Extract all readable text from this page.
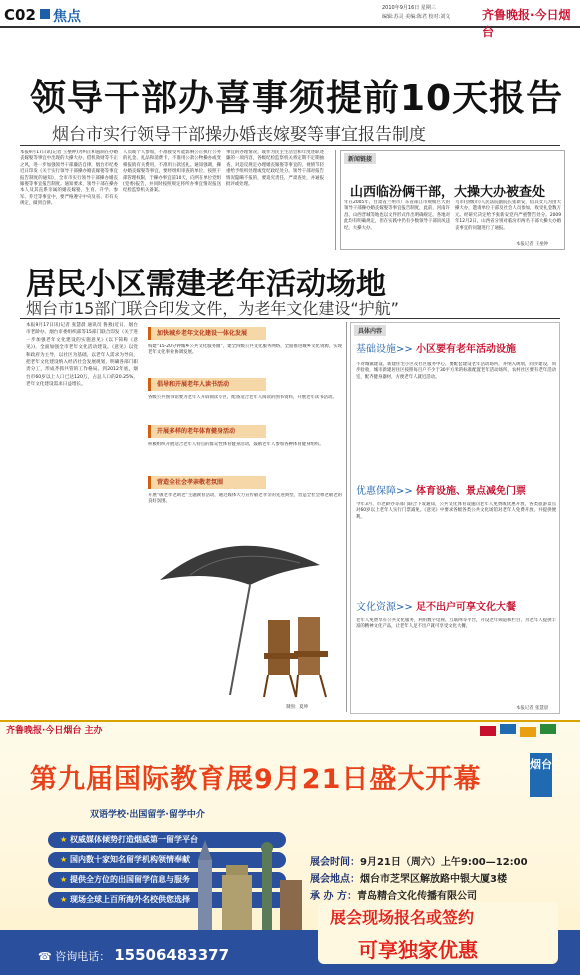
C02 焦点
2010年9月16日 星期三
编辑:苏灵 美编:陈君 校对:刘文	齐鲁晚报·今日烟台
领导干部办喜事须提前10天报告
烟台市实行领导干部操办婚丧嫁娶等事宜报告制度
本报9月17日讯(记者 王垒钟)为纠正和遏制在办婚丧嫁娶等事宜中出现的大操大办、借机敛财等不正之风，进一步加强领导干部廉洁自律，烟台市纪委近日印发《关于实行领导干部操办婚丧嫁娶等事宜报告制度的通知》，全市市实行领导干部操办婚丧嫁娶等事宜报告制度。通知要求，领导干部在操办本人及其直系亲属的婚丧嫁娶，生育、升学、参军、乔迁等事宜中，要严格遵守中央及省、市有关规定，做到自律。
人员或个人参加，不准接受可能影响公正执行公务的礼金、礼品和消费卡，不准用公款公物操办或变相报销有关费用，不准用公款送礼。通知强调，操办婚丧嫁娶等事宜，要经组织审查的单位，按照干部管理权限，于操办事宜前10天，向所在单位党组(党委)报告，并同时按照规定将所办事宜情况报送纪检监察机关备案。
事宜的办理情况，或作为民主生活会和年度述职述廉的一项内容，各级纪检监察机关将定期不定期抽查，对违反规定办理婚丧嫁娶等事宜的，视情节轻重给予组织处理或党纪政纪处分。领导干部对报告情况隐瞒不报的，要追究责任，严肃查处，并通报批评或处理。
新闻链接
山西临汾俩干部，大操大办被查处
年在2005年，甘肃省兰州市广东省部江市规模巨大的领导干部操办婚丧嫁娶等事宜报告制度，此前，河南许昌、山西晋城等地也以文件形式作出明确规定。各地对此均有明确规定，但在实践中仍有少数领导干部顶风违纪，大操大办。
乌市(县级市)人民法院副院长张新安，借其女儿为由大操大办，邀请单位干部及社会人员参加，收受礼金数万元。经研究决定给予张新安党内严重警告处分。2009年12月2日，山西省分别对临汾市两名干部大操大办婚丧事宜的问题进行了通报。
本报记者 王垒钟
居民小区需建老年活动场地
烟台市15部门联合印发文件，为老年文化建设“护航”
本报9月17日讯(记者 张慧晨 通讯员 鲁燕)近日，烟台市老龄办、烟台市委组织部等15部门联合印发《关于进一步加强老年文化建设的实施意见》(以下简称《意见》)，全面加强全市老年文化活动建设。《意见》以党和政府为主导，以社区为基础，以老年人需求为导向，把老年文化建设纳入经济社会发展规划，明确各部门职责分工，形成齐抓共管的工作格局。到2012年底，烟台市60岁以上人口已达120万，占总人口的20.25%，老年文化建设需求日益增长。
加快城乡老年文化建设一体化发展
构建“15-20分钟城乡公共文化服务圈”，建全四级公共文化服务网络，全面推进城乡文化资源，实现老年文化事业协调发展。
倡导和开展老年人读书活动
各级公共图书馆要为老年人开辟阅读专区，配备适合老年人阅读的图书资料，开展老年读书活动。
开展多样的老年体育健身活动
积极组织开展适合老年人特点的群众性体育健身活动，鼓励老年人参加各种体育健身组织。
营造全社会孝亲敬老氛围
开展“敬老孝老助老”主题教育活动，通过媒体大力宣传敬老孝亲的先进典型，营造全社会尊老敬老的良好氛围。
制图：夏坤
具体内容
基础设施>> 小区要有老年活动设施
不对城镇建设、新建住宅小区及社区服务中心，要配套建设老年活动场所，并纳入规划，同步建设，同步验收，城市新建居住区按照每百户不少于30平方米的标准配置老年活动场所，农村社区要有老年活动室，配齐健身器材，方便老年人就近活动。
优惠保障>> 体育设施、景点减免门票
今年3月，市老龄办等部门联合下发通知，公共文化体育设施向老年人免费或优惠开放，各类旅游景点对60岁以上老年人实行门票减免。《意见》中要求各级各类公共文化场馆对老年人免费开放，并提供便利。
文化资源>> 足不出户可享文化大餐
老年人免费享有公共文化服务，利用数字电视、互联网等平台，开设老年频道和栏目，为老年人提供丰富的精神文化产品，让老年人足不出户就可享受文化大餐。
本报记者 张慧晨
齐鲁晚报·今日烟台 主办
第九届国际教育展9月21日盛大开幕	烟台
双语学校·出国留学·留学中介
★ 权威媒体倾势打造烟威第一留学平台
★ 国内数十家知名留学机构领情奉献
★ 提供全方位的出国留学信息与服务
★ 现场全球上百所海外名校供您选择
展会时间：9月21日（周六）上午9:00—12:00
展会地点：烟台市芝罘区解放路中银大厦3楼
承 办 方：青岛精合文化传播有限公司
☎ 咨询电话： 15506483377
展会现场报名或签约
可享独家优惠
